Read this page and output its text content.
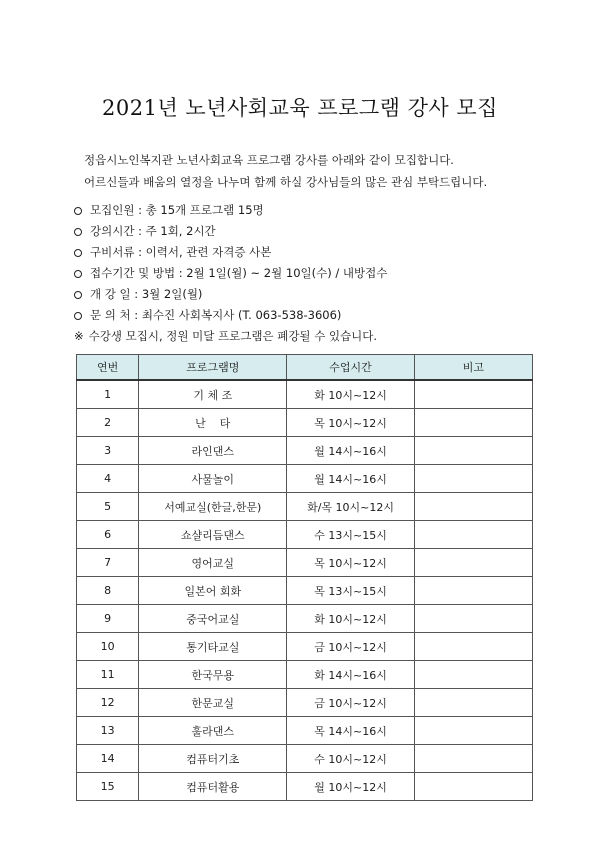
2021년 노년사회교육 프로그램 강사 모집

정읍시노인복지관 노년사회교육 프로그램 강사를 아래와 같이 모집합니다.

어르신들과 배움의 열정을 나누며 함께 하실 강사님들의 많은 관심 부탁드립니다.

모집인원 : 총 15개 프로그램 15명
강의시간 : 주 1회, 2시간
구비서류 : 이력서, 관련 자격증 사본
접수기간 및 방법 : 2월 1일(월) ~ 2월 10일(수) / 내방접수
개 강 일 : 3월 2일(월)
문 의 처 : 최수진 사회복지사 (T. 063-538-3606)
※ 수강생 모집시, 정원 미달 프로그램은 폐강될 수 있습니다.
연번	프로그램명	수업시간	비고
1	기 체 조	화 10시~12시	
2	난    타	목 10시~12시	
3	라인댄스	월 14시~16시	
4	사물놀이	월 14시~16시	
5	서예교실(한글,한문)	화/목 10시~12시	
6	쇼샬리듬댄스	수 13시~15시	
7	영어교실	목 10시~12시	
8	일본어 회화	목 13시~15시	
9	중국어교실	화 10시~12시	
10	통기타교실	금 10시~12시	
11	한국무용	화 14시~16시	
12	한문교실	금 10시~12시	
13	훌라댄스	목 14시~16시	
14	컴퓨터기초	수 10시~12시	
15	컴퓨터활용	월 10시~12시	
